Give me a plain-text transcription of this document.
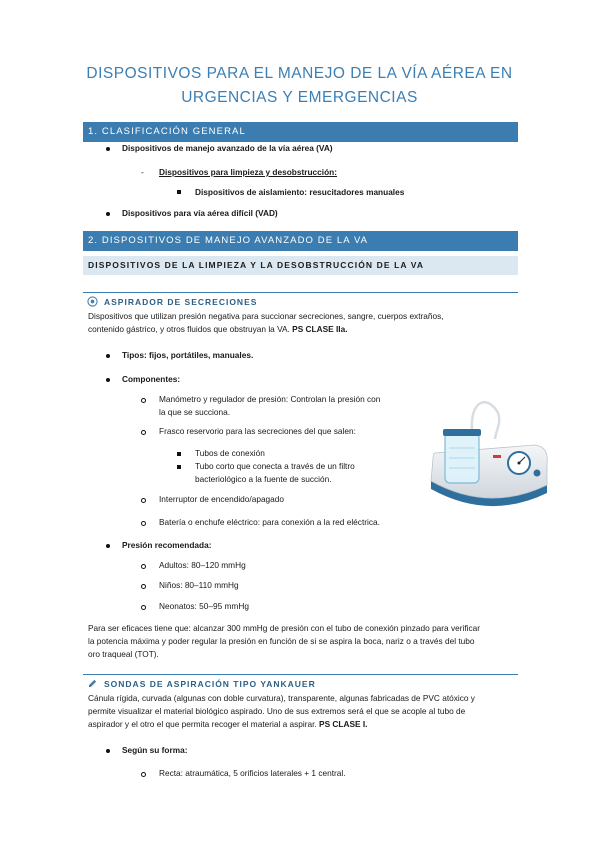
DISPOSITIVOS PARA EL MANEJO DE LA VÍA AÉREA EN
URGENCIAS Y EMERGENCIAS
1. CLASIFICACIÓN GENERAL
Dispositivos de manejo avanzado de la vía aérea (VA)
- Dispositivos para limpieza y desobstrucción:
Dispositivos de aislamiento: resucitadores manuales
Dispositivos para vía aérea difícil (VAD)
2. DISPOSITIVOS DE MANEJO AVANZADO DE LA VA
DISPOSITIVOS DE LA LIMPIEZA Y LA DESOBSTRUCCIÓN DE LA VA
ASPIRADOR DE SECRECIONES
Dispositivos que utilizan presión negativa para succionar secreciones, sangre, cuerpos extraños,
contenido gástrico, y otros fluidos que obstruyan la VA. PS CLASE IIa.
Tipos: fijos, portátiles, manuales.
Componentes:
Manómetro y regulador de presión: Controlan la presión con
la que se succiona.
Frasco reservorio para las secreciones del que salen:
Tubos de conexión
Tubo corto que conecta a través de un filtro
bacteriológico a la fuente de succión.
Interruptor de encendido/apagado
Batería o enchufe eléctrico: para conexión a la red eléctrica.
Presión recomendada:
Adultos: 80–120 mmHg
Niños: 80–110 mmHg
Neonatos: 50–95 mmHg
Para ser eficaces tiene que: alcanzar 300 mmHg de presión con el tubo de conexión pinzado para verificar
la potencia máxima y poder regular la presión en función de si se aspira la boca, nariz o a través del tubo
oro traqueal (TOT).
SONDAS DE ASPIRACIÓN TIPO YANKAUER
Cánula rígida, curvada (algunas con doble curvatura), transparente, algunas fabricadas de PVC atóxico y
permite visualizar el material biológico aspirado. Uno de sus extremos será el que se acople al tubo de
aspirador y el otro el que permita recoger el material a aspirar. PS CLASE I.
Según su forma:
Recta: atraumática, 5 orificios laterales + 1 central.
